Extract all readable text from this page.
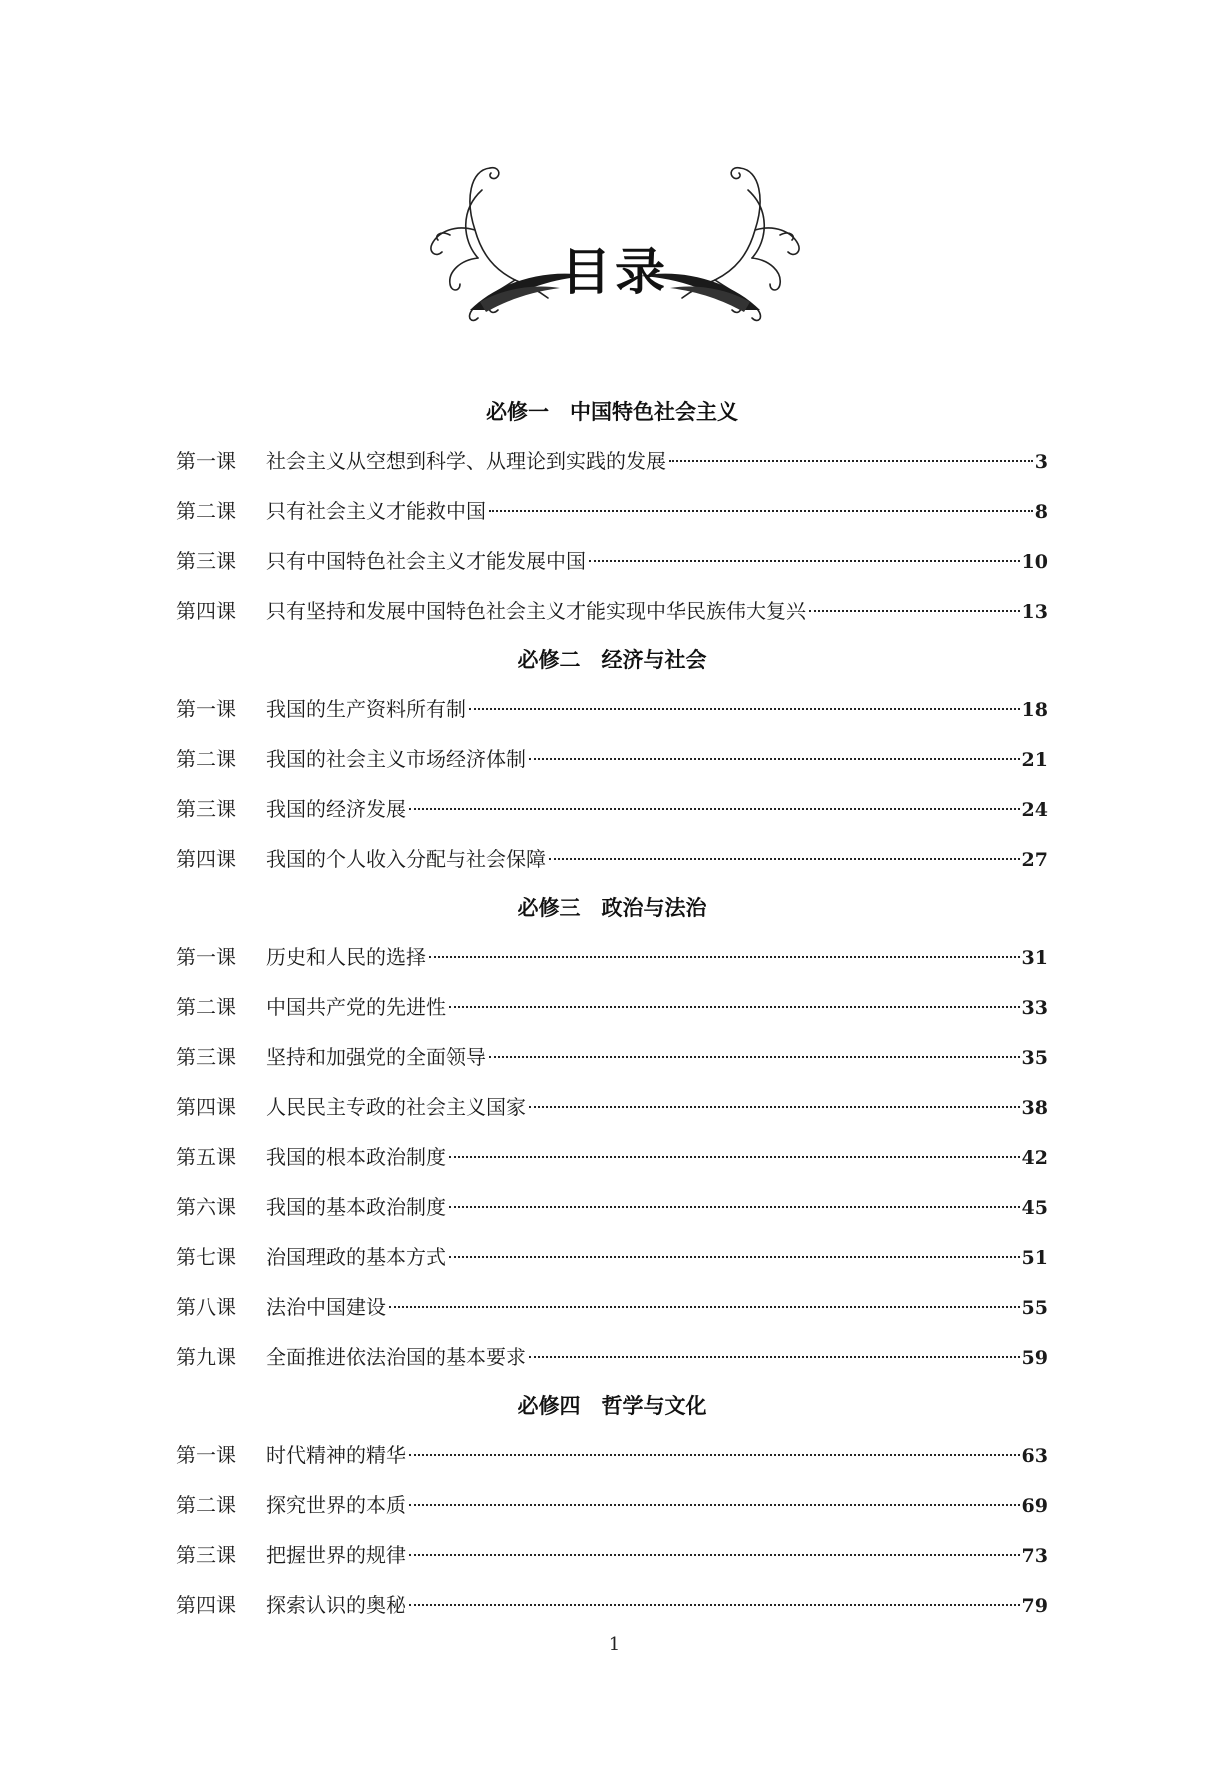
目录
必修一　中国特色社会主义
第一课	社会主义从空想到科学、从理论到实践的发展	3
第二课	只有社会主义才能救中国	8
第三课	只有中国特色社会主义才能发展中国	10
第四课	只有坚持和发展中国特色社会主义才能实现中华民族伟大复兴	13
必修二　经济与社会
第一课	我国的生产资料所有制	18
第二课	我国的社会主义市场经济体制	21
第三课	我国的经济发展	24
第四课	我国的个人收入分配与社会保障	27
必修三　政治与法治
第一课	历史和人民的选择	31
第二课	中国共产党的先进性	33
第三课	坚持和加强党的全面领导	35
第四课	人民民主专政的社会主义国家	38
第五课	我国的根本政治制度	42
第六课	我国的基本政治制度	45
第七课	治国理政的基本方式	51
第八课	法治中国建设	55
第九课	全面推进依法治国的基本要求	59
必修四　哲学与文化
第一课	时代精神的精华	63
第二课	探究世界的本质	69
第三课	把握世界的规律	73
第四课	探索认识的奥秘	79
1
